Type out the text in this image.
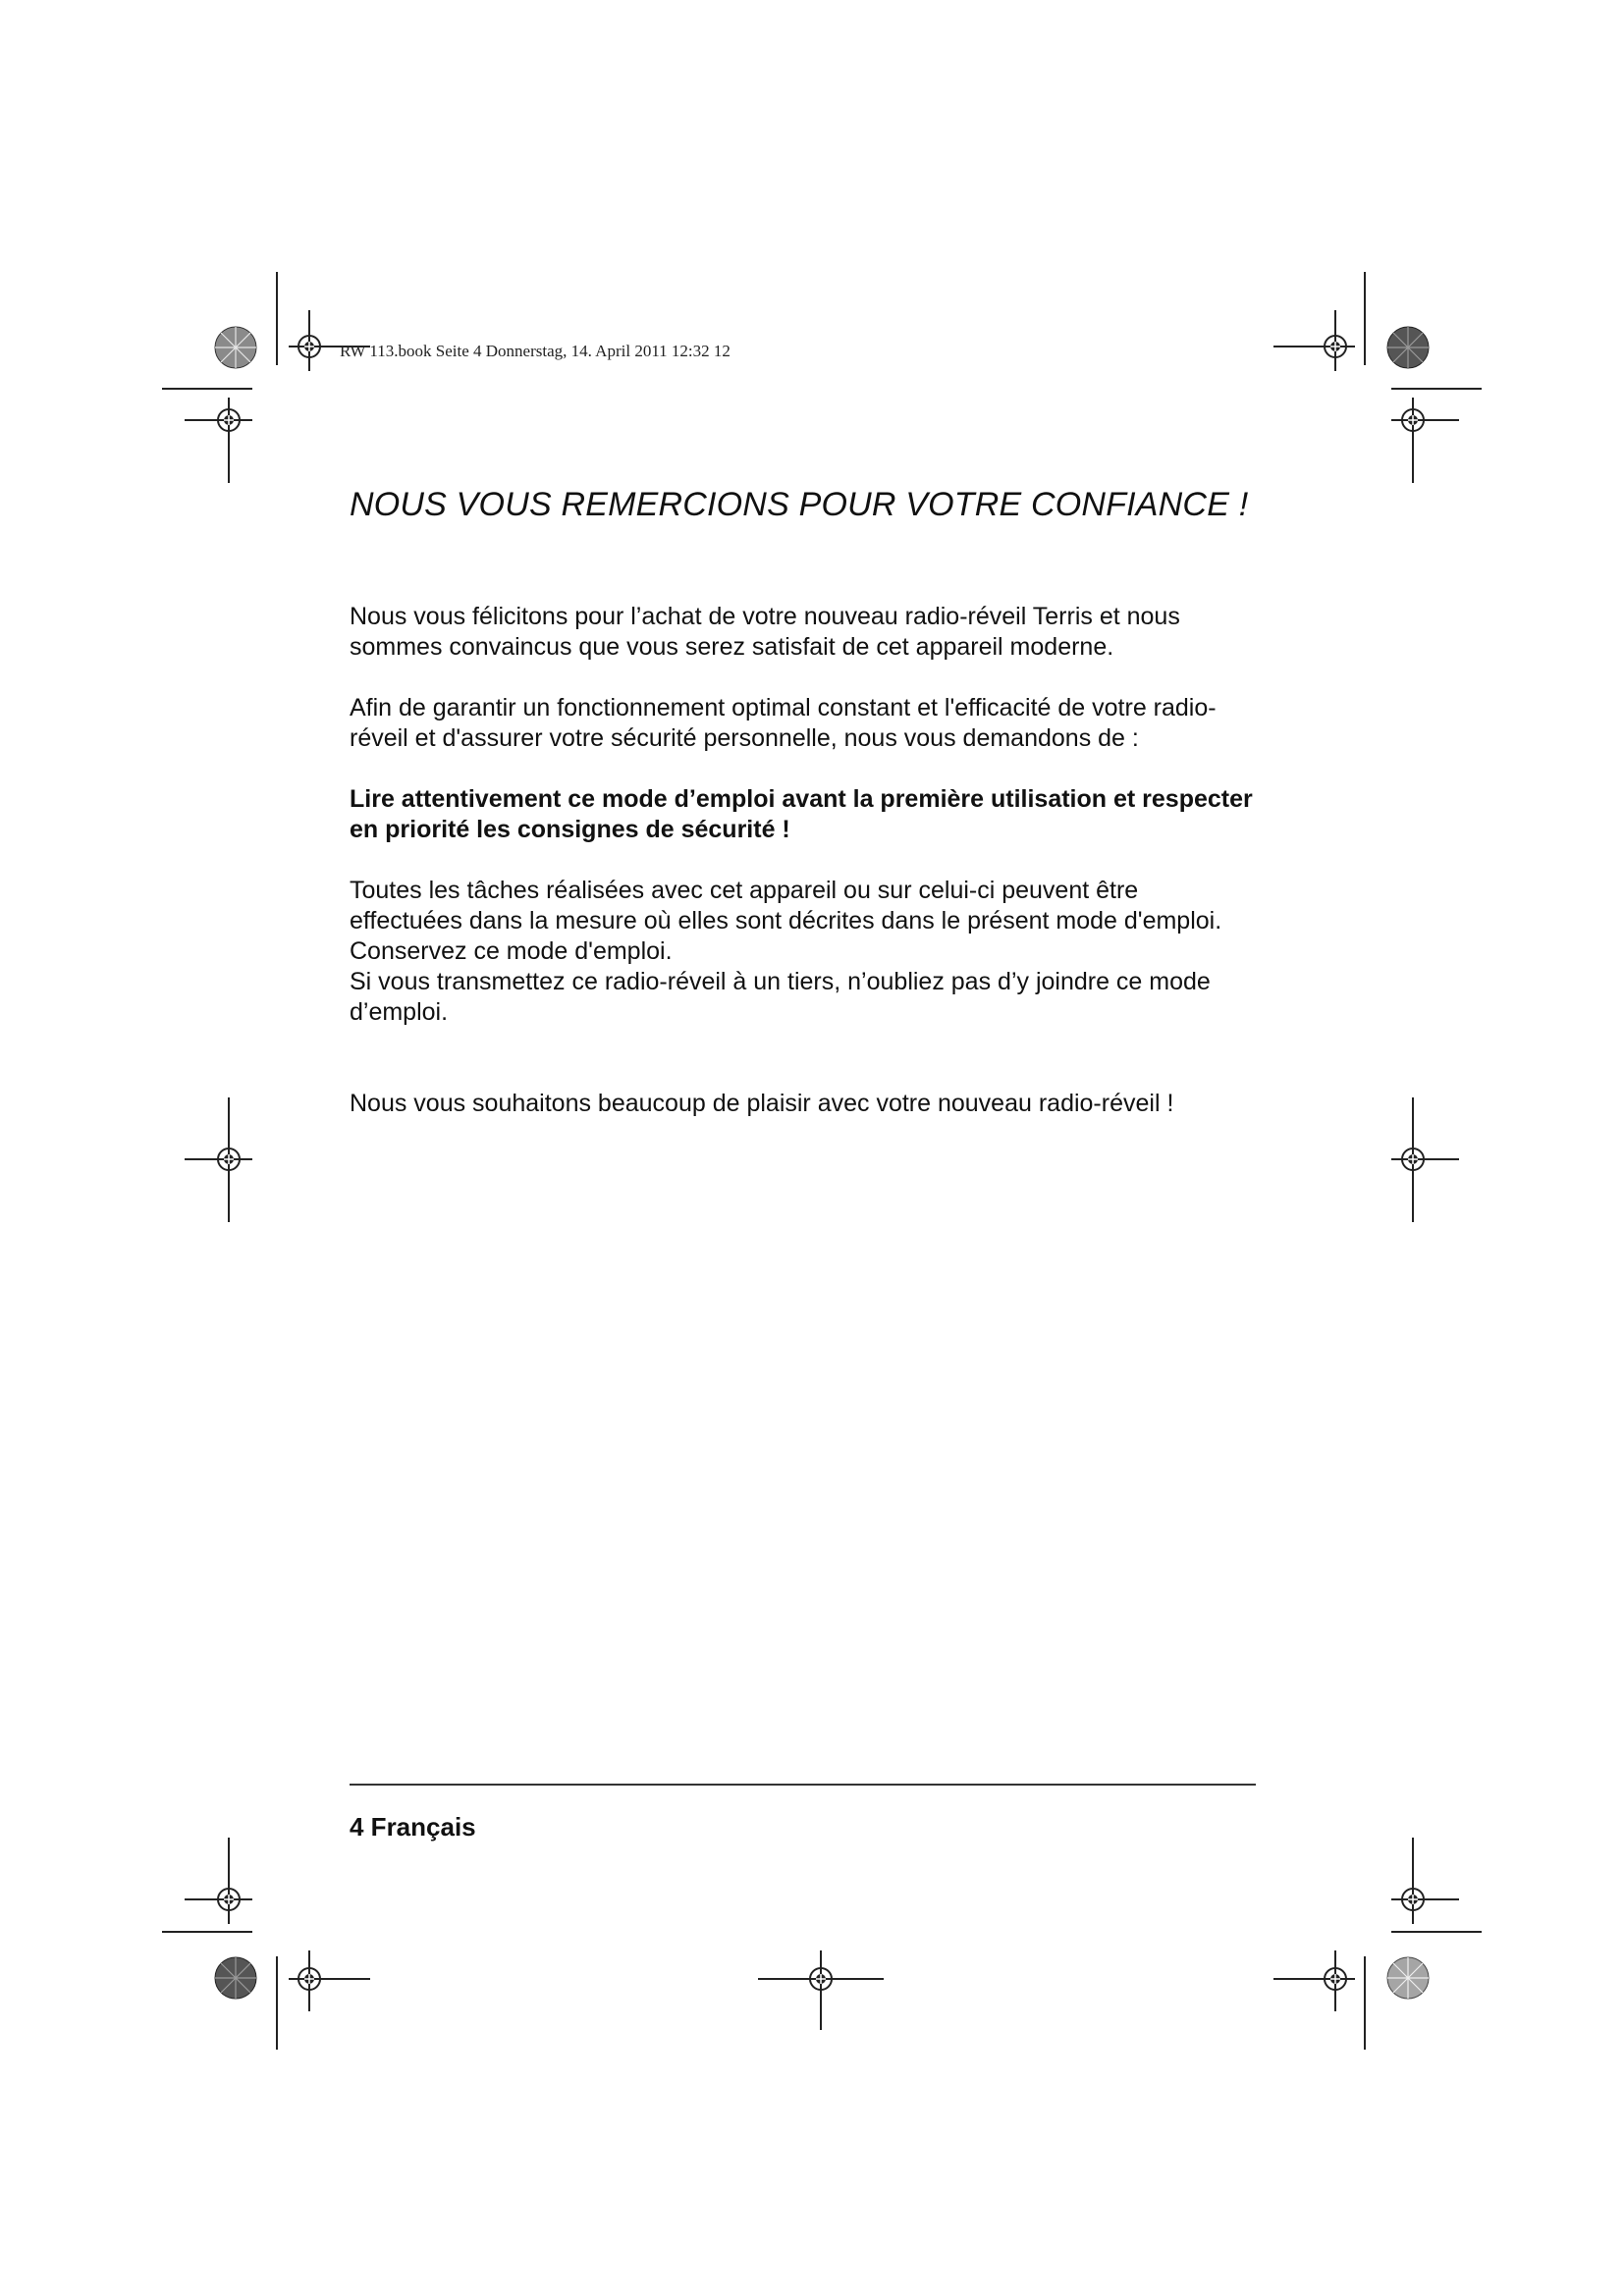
RW 113.book Seite 4 Donnerstag, 14. April 2011 12:32 12
NOUS VOUS REMERCIONS POUR VOTRE CONFIANCE !

Nous vous félicitons pour l’achat de votre nouveau radio-réveil Terris et nous sommes convaincus que vous serez satisfait de cet appareil moderne.

Afin de garantir un fonctionnement optimal constant et l'efficacité de votre radio-réveil et d'assurer votre sécurité personnelle, nous vous demandons de :

Lire attentivement ce mode d’emploi avant la première utilisation et respecter en priorité les consignes de sécurité !

Toutes les tâches réalisées avec cet appareil ou sur celui-ci peuvent être effectuées dans la mesure où elles sont décrites dans le présent mode d'emploi.
Conservez ce mode d'emploi.
Si vous transmettez ce radio-réveil à un tiers, n’oubliez pas d’y joindre ce mode d’emploi.

Nous vous souhaitons beaucoup de plaisir avec votre nouveau radio-réveil !

4 Français
